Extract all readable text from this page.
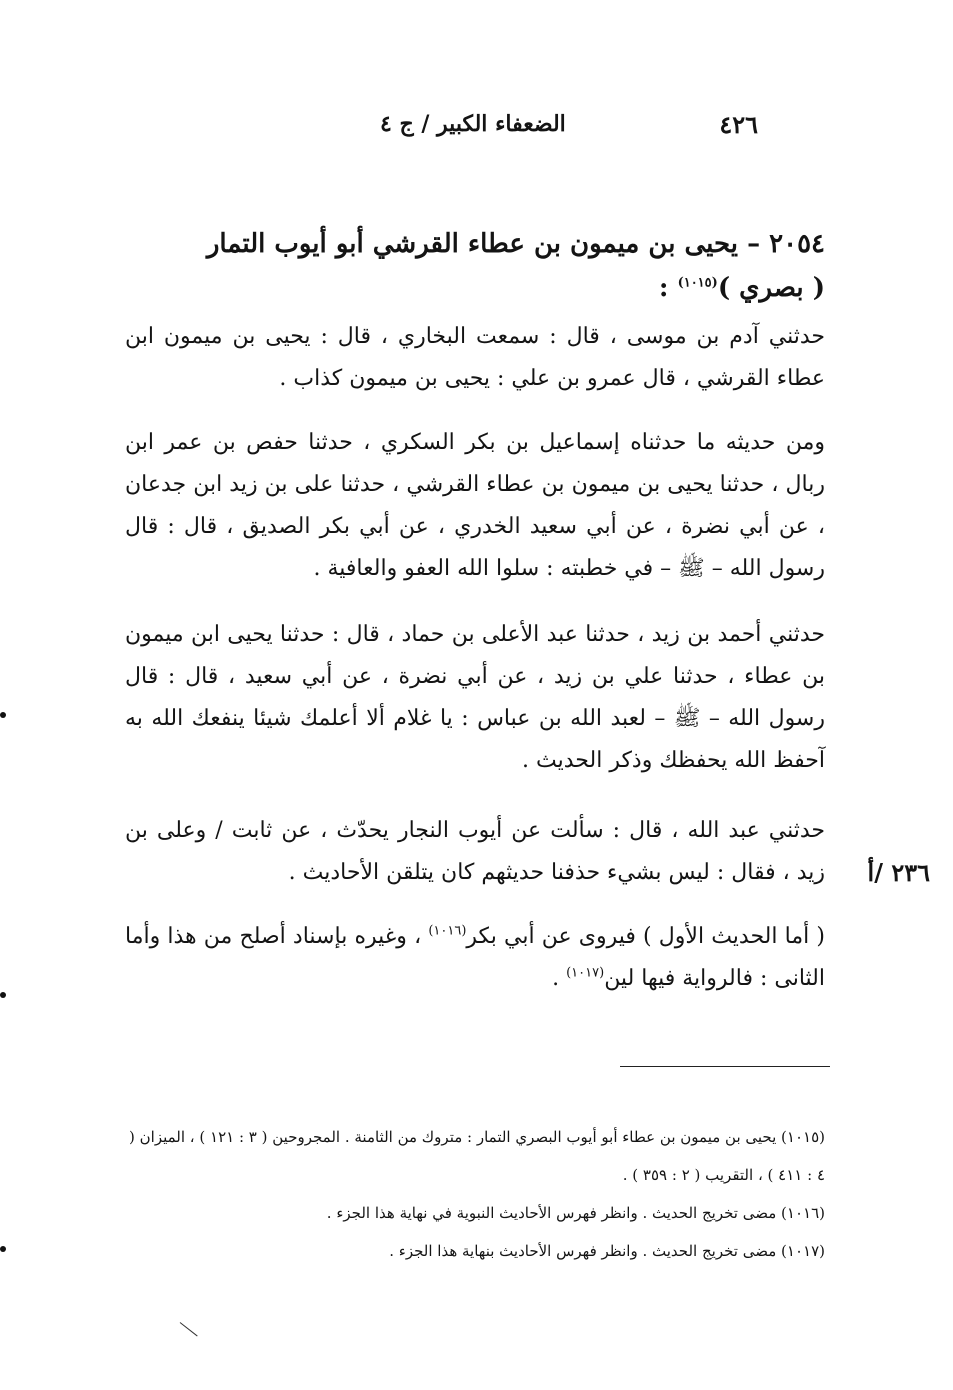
٤٢٦
الضعفاء الكبير / ج ٤
٢٠٥٤ – يحيى بن ميمون بن عطاء القرشي أبو أيوب التمار
( بصري )$^{(١٠١٥)}$ :
حدثني آدم بن موسى ، قال : سمعت البخاري ، قال : يحيى بن ميمون ابن عطاء القرشي ، قال عمرو بن علي : يحيى بن ميمون كذاب .
ومن حديثه ما حدثناه إسماعيل بن بكر السكري ، حدثنا حفص بن عمر ابن ربال ، حدثنا يحيى بن ميمون بن عطاء القرشي ، حدثنا على بن زيد ابن جدعان ، عن أبي نضرة ، عن أبي سعيد الخدري ، عن أبي بكر الصديق ، قال : قال رسول الله – ﷺ – في خطبته : سلوا الله العفو والعافية .
حدثني أحمد بن زيد ، حدثنا عبد الأعلى بن حماد ، قال : حدثنا يحيى ابن ميمون بن عطاء ، حدثنا علي بن زيد ، عن أبي نضرة ، عن أبي سعيد ، قال : قال رسول الله – ﷺ – لعبد الله بن عباس : يا غلام ألا أعلمك شيئا ينفعك الله به آحفظ الله يحفظك وذكر الحديث .
حدثني عبد الله ، قال : سألت عن أيوب النجار يحدّث ، عن ثابت / وعلى بن زيد ، فقال : ليس بشيء حذفنا حديثهم كان يتلقن الأحاديث .	٢٣٦ /أ
( أما الحديث الأول ) فيروى عن أبي بكر$^{(١٠١٦)}$ ، وغيره بإسناد أصلح من هذا وأما الثانى : فالرواية فيها لين$^{(١٠١٧)}$ .
(١٠١٥) يحيى بن ميمون بن عطاء أبو أيوب البصري التمار : متروك من الثامنة . المجروحين ( ٣ : ١٢١ ) ، الميزان ( ٤ : ٤١١ ) ، التقريب ( ٢ : ٣٥٩ ) .
(١٠١٦) مضى تخريج الحديث . وانظر فهرس الأحاديث النبوية في نهاية هذا الجزء .
(١٠١٧) مضى تخريج الحديث . وانظر فهرس الأحاديث بنهاية هذا الجزء .
